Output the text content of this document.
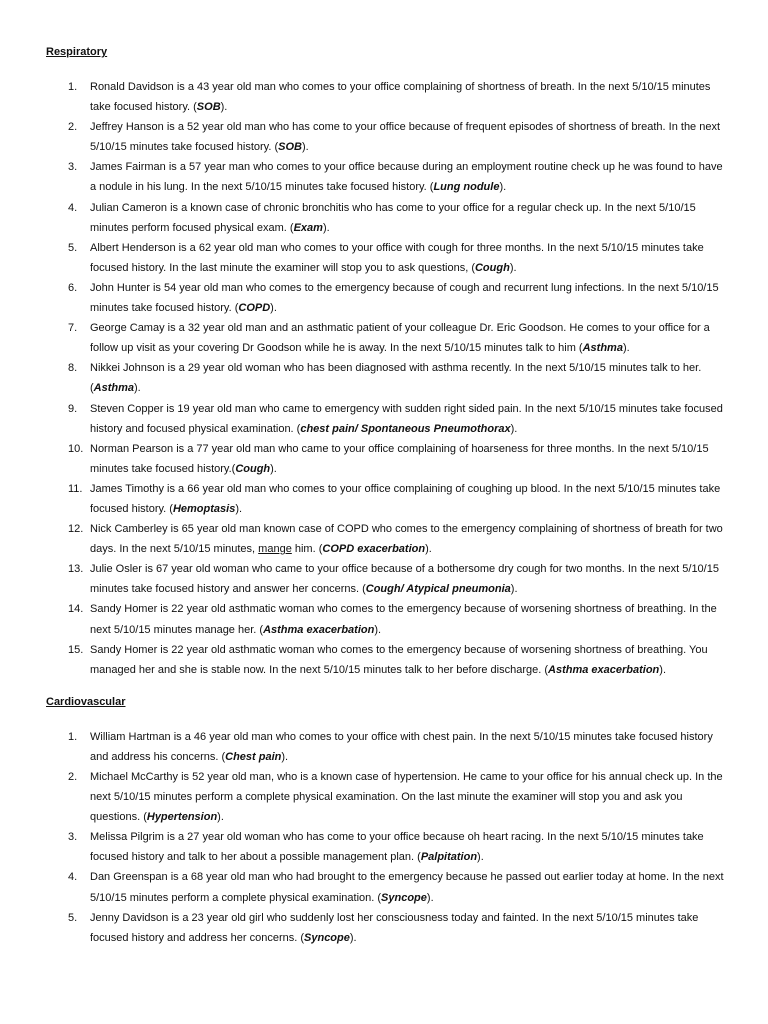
Respiratory
1.	Ronald Davidson is a 43 year old man who comes to your office complaining of shortness of breath. In the next 5/10/15 minutes take focused history. (SOB).
2.	Jeffrey Hanson is a 52 year old man who has come to your office because of frequent episodes of shortness of breath. In the next 5/10/15 minutes take focused history. (SOB).
3.	James Fairman is a 57 year man who comes to your office because during an employment routine check up he was found to have a nodule in his lung. In the next 5/10/15 minutes take focused history. (Lung nodule).
4.	Julian Cameron is a known case of chronic bronchitis who has come to your office for a regular check up. In the next 5/10/15 minutes perform focused physical exam. (Exam).
5.	Albert Henderson is a 62 year old man who comes to your office with cough for three months. In the next 5/10/15 minutes take focused history. In the last minute the examiner will stop you to ask questions, (Cough).
6.	John Hunter is 54 year old man who comes to the emergency because of cough and recurrent lung infections. In the next 5/10/15 minutes take focused history. (COPD).
7.	George Camay is a 32 year old man and an asthmatic patient of your colleague Dr. Eric Goodson. He comes to your office for a follow up visit as your covering Dr Goodson while he is away. In the next 5/10/15 minutes talk to him (Asthma).
8.	Nikkei Johnson is a 29 year old woman who has been diagnosed with asthma recently. In the next 5/10/15 minutes talk to her. (Asthma).
9.	Steven Copper is 19 year old man who came to emergency with sudden right sided pain. In the next 5/10/15 minutes take focused history and focused physical examination. (chest pain/ Spontaneous Pneumothorax).
10. Norman Pearson is a 77 year old man who came to your office complaining of hoarseness for three months. In the next 5/10/15 minutes take focused history.(Cough).
11. James Timothy is a 66 year old man who comes to your office complaining of coughing up blood. In the next 5/10/15 minutes take focused history. (Hemoptasis).
12. Nick Camberley is 65 year old man known case of COPD who comes to the emergency complaining of shortness of breath for two days. In the next 5/10/15 minutes, mange him. (COPD exacerbation).
13. Julie Osler is 67 year old woman who came to your office because of a bothersome dry cough for two months. In the next 5/10/15 minutes take focused history and answer her concerns. (Cough/ Atypical pneumonia).
14. Sandy Homer is 22 year old asthmatic woman who comes to the emergency because of worsening shortness of breathing. In the next 5/10/15 minutes manage her. (Asthma exacerbation).
15. Sandy Homer is 22 year old asthmatic woman who comes to the emergency because of worsening shortness of breathing. You managed her and she is stable now. In the next 5/10/15 minutes talk to her before discharge. (Asthma exacerbation).
Cardiovascular
1.	William Hartman is a 46 year old man who comes to your office with chest pain. In the next 5/10/15 minutes take focused history and address his concerns. (Chest pain).
2.	Michael McCarthy is 52 year old man, who is a known case of hypertension. He came to your office for his annual check up. In the next 5/10/15 minutes perform a complete physical examination. On the last minute the examiner will stop you and ask you questions. (Hypertension).
3.	Melissa Pilgrim is a 27 year old woman who has come to your office because oh heart racing. In the next 5/10/15 minutes take focused history and talk to her about a possible management plan. (Palpitation).
4.	Dan Greenspan is a 68 year old man who had brought to the emergency because he passed out earlier today at home. In the next 5/10/15 minutes perform a complete physical examination. (Syncope).
5.	Jenny Davidson is a 23 year old girl who suddenly lost her consciousness today and fainted. In the next 5/10/15 minutes take focused history and address her concerns. (Syncope).
